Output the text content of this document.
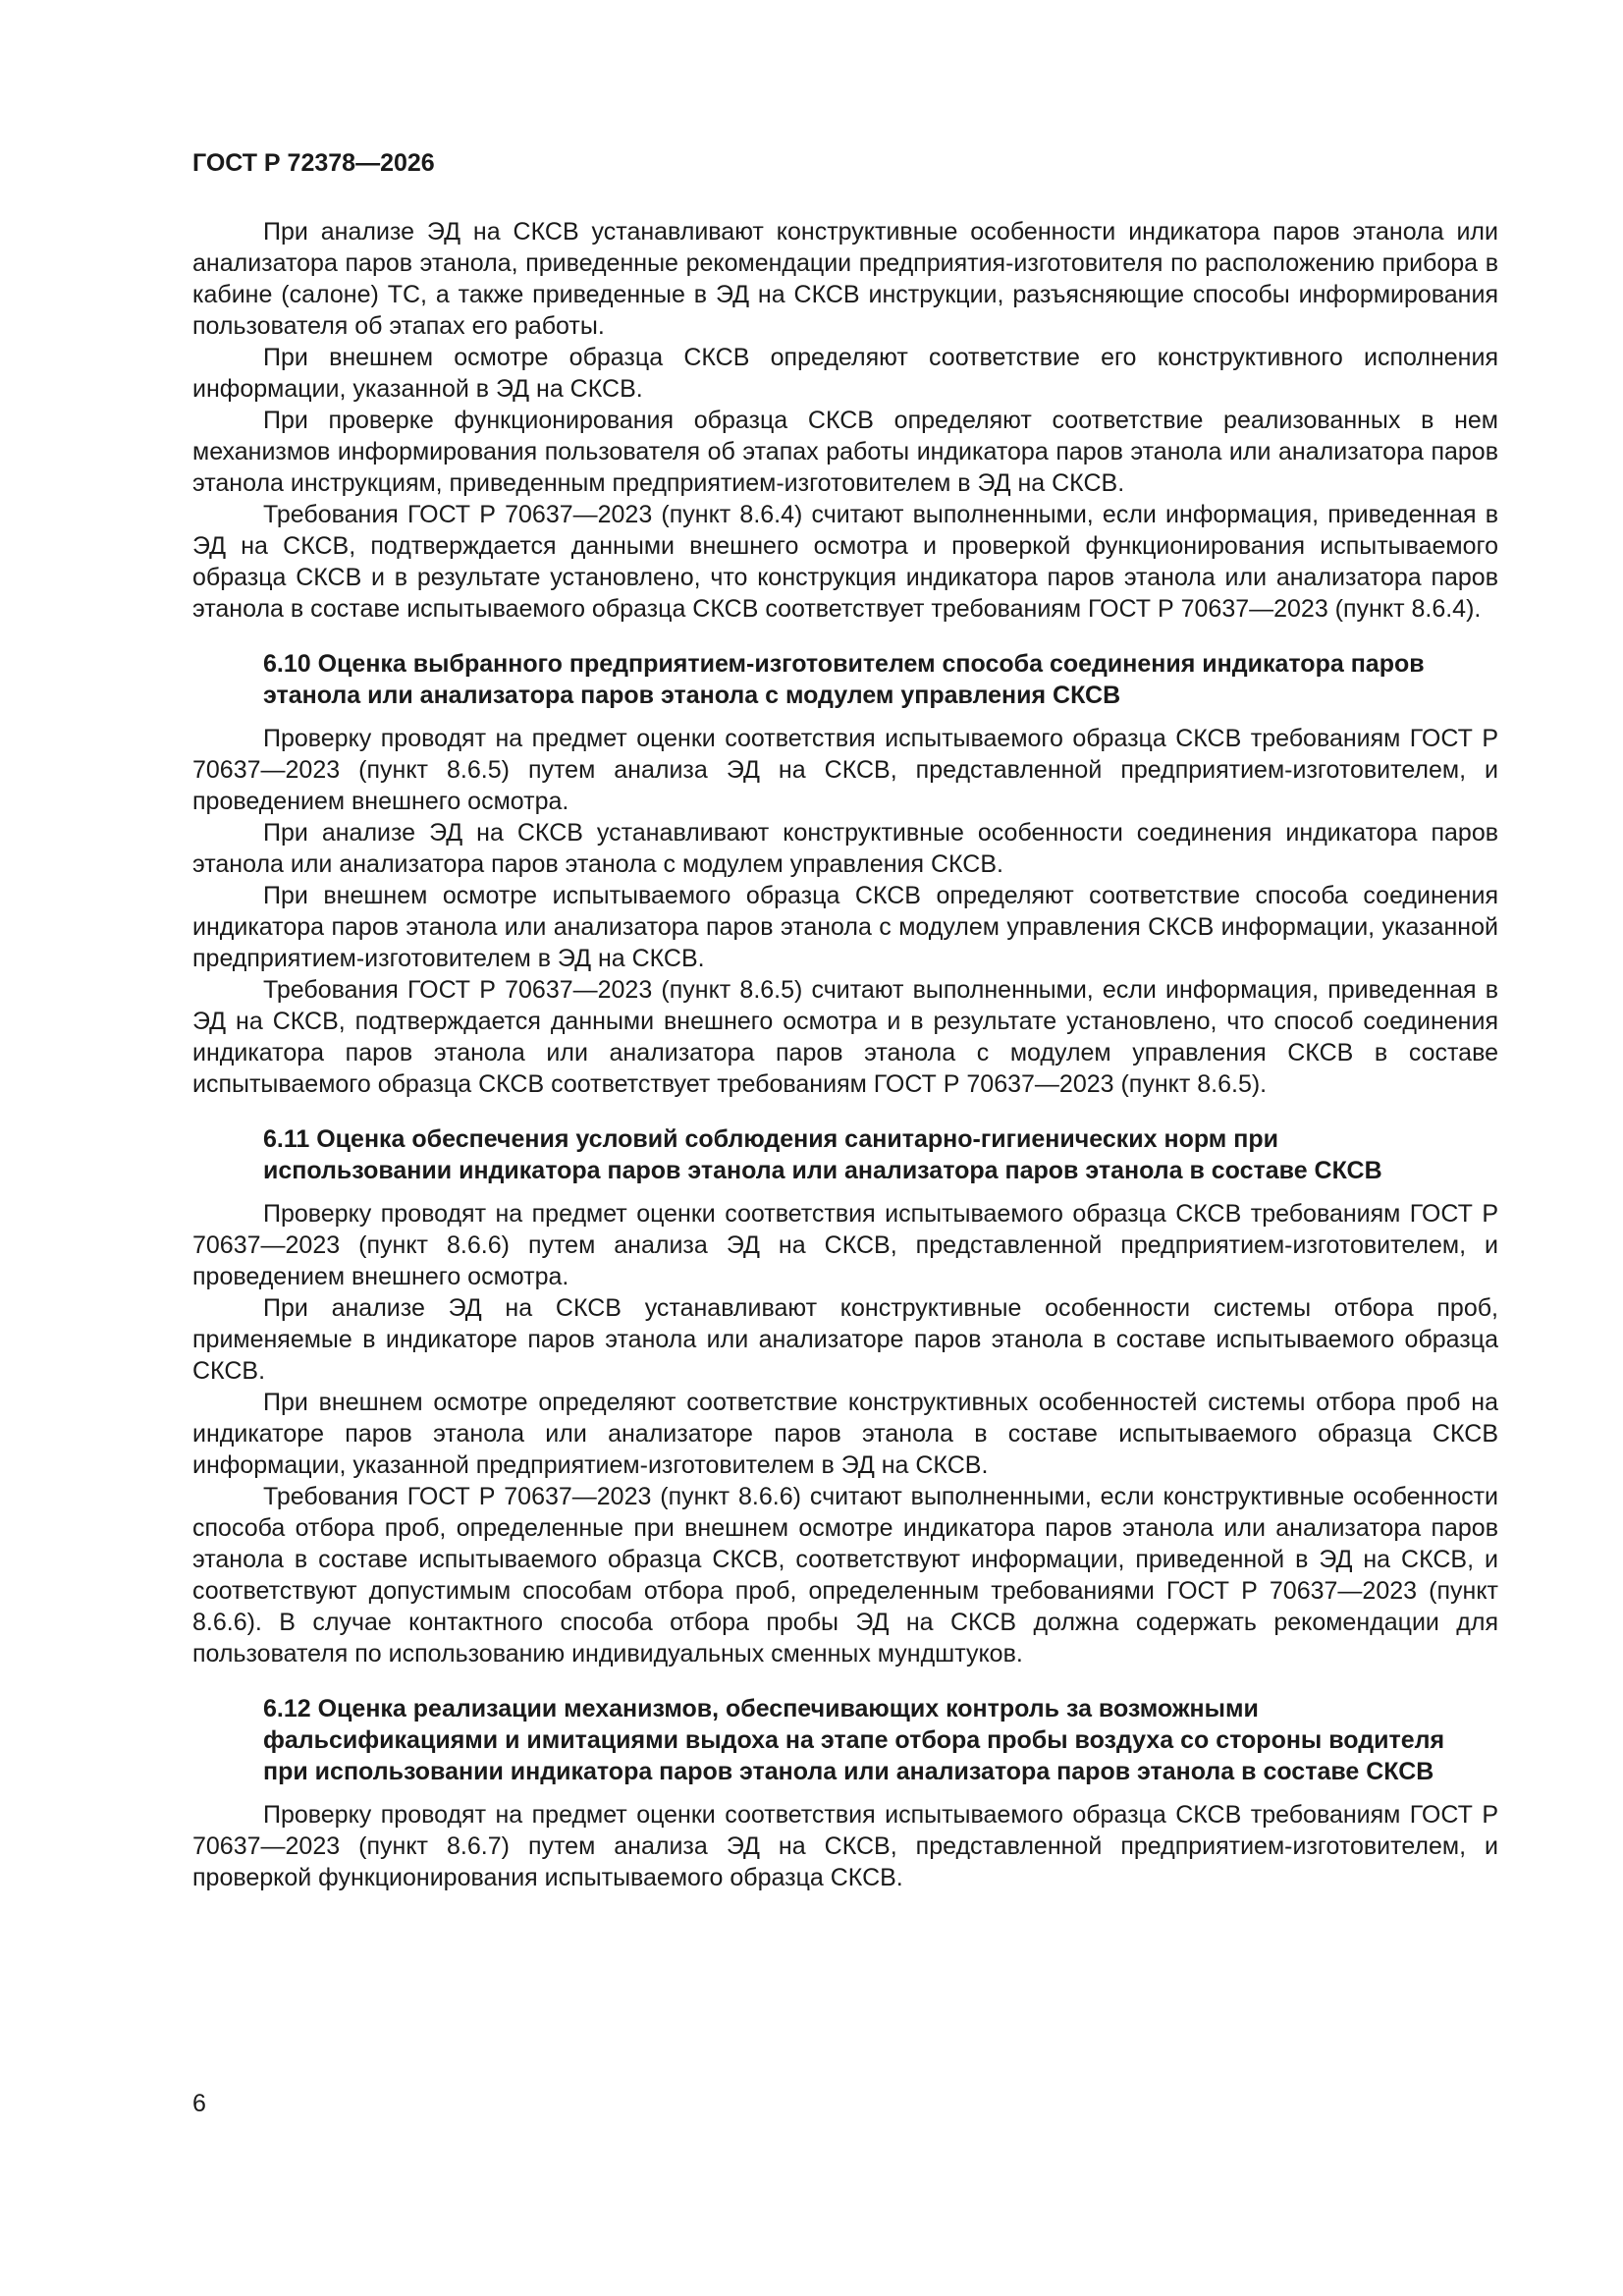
ГОСТ Р 72378—2026

При анализе ЭД на СКСВ устанавливают конструктивные особенности индикатора паров этанола или анализатора паров этанола, приведенные рекомендации предприятия-изготовителя по расположению прибора в кабине (салоне) ТС, а также приведенные в ЭД на СКСВ инструкции, разъясняющие способы информирования пользователя об этапах его работы.

При внешнем осмотре образца СКСВ определяют соответствие его конструктивного исполнения информации, указанной в ЭД на СКСВ.

При проверке функционирования образца СКСВ определяют соответствие реализованных в нем механизмов информирования пользователя об этапах работы индикатора паров этанола или анализатора паров этанола инструкциям, приведенным предприятием-изготовителем в ЭД на СКСВ.

Требования ГОСТ Р 70637—2023 (пункт 8.6.4) считают выполненными, если информация, приведенная в ЭД на СКСВ, подтверждается данными внешнего осмотра и проверкой функционирования испытываемого образца СКСВ и в результате установлено, что конструкция индикатора паров этанола или анализатора паров этанола в составе испытываемого образца СКСВ соответствует требованиям ГОСТ Р 70637—2023 (пункт 8.6.4).

6.10 Оценка выбранного предприятием-изготовителем способа соединения индикатора паров этанола или анализатора паров этанола с модулем управления СКСВ

Проверку проводят на предмет оценки соответствия испытываемого образца СКСВ требованиям ГОСТ Р 70637—2023 (пункт 8.6.5) путем анализа ЭД на СКСВ, представленной предприятием-изготовителем, и проведением внешнего осмотра.

При анализе ЭД на СКСВ устанавливают конструктивные особенности соединения индикатора паров этанола или анализатора паров этанола с модулем управления СКСВ.

При внешнем осмотре испытываемого образца СКСВ определяют соответствие способа соединения индикатора паров этанола или анализатора паров этанола с модулем управления СКСВ информации, указанной предприятием-изготовителем в ЭД на СКСВ.

Требования ГОСТ Р 70637—2023 (пункт 8.6.5) считают выполненными, если информация, приведенная в ЭД на СКСВ, подтверждается данными внешнего осмотра и в результате установлено, что способ соединения индикатора паров этанола или анализатора паров этанола с модулем управления СКСВ в составе испытываемого образца СКСВ соответствует требованиям ГОСТ Р 70637—2023 (пункт 8.6.5).

6.11 Оценка обеспечения условий соблюдения санитарно-гигиенических норм при использовании индикатора паров этанола или анализатора паров этанола в составе СКСВ

Проверку проводят на предмет оценки соответствия испытываемого образца СКСВ требованиям ГОСТ Р 70637—2023 (пункт 8.6.6) путем анализа ЭД на СКСВ, представленной предприятием-изготовителем, и проведением внешнего осмотра.

При анализе ЭД на СКСВ устанавливают конструктивные особенности системы отбора проб, применяемые в индикаторе паров этанола или анализаторе паров этанола в составе испытываемого образца СКСВ.

При внешнем осмотре определяют соответствие конструктивных особенностей системы отбора проб на индикаторе паров этанола или анализаторе паров этанола в составе испытываемого образца СКСВ информации, указанной предприятием-изготовителем в ЭД на СКСВ.

Требования ГОСТ Р 70637—2023 (пункт 8.6.6) считают выполненными, если конструктивные особенности способа отбора проб, определенные при внешнем осмотре индикатора паров этанола или анализатора паров этанола в составе испытываемого образца СКСВ, соответствуют информации, приведенной в ЭД на СКСВ, и соответствуют допустимым способам отбора проб, определенным требованиями ГОСТ Р 70637—2023 (пункт 8.6.6). В случае контактного способа отбора пробы ЭД на СКСВ должна содержать рекомендации для пользователя по использованию индивидуальных сменных мундштуков.

6.12 Оценка реализации механизмов, обеспечивающих контроль за возможными фальсификациями и имитациями выдоха на этапе отбора пробы воздуха со стороны водителя при использовании индикатора паров этанола или анализатора паров этанола в составе СКСВ

Проверку проводят на предмет оценки соответствия испытываемого образца СКСВ требованиям ГОСТ Р 70637—2023 (пункт 8.6.7) путем анализа ЭД на СКСВ, представленной предприятием-изготовителем, и проверкой функционирования испытываемого образца СКСВ.

6
